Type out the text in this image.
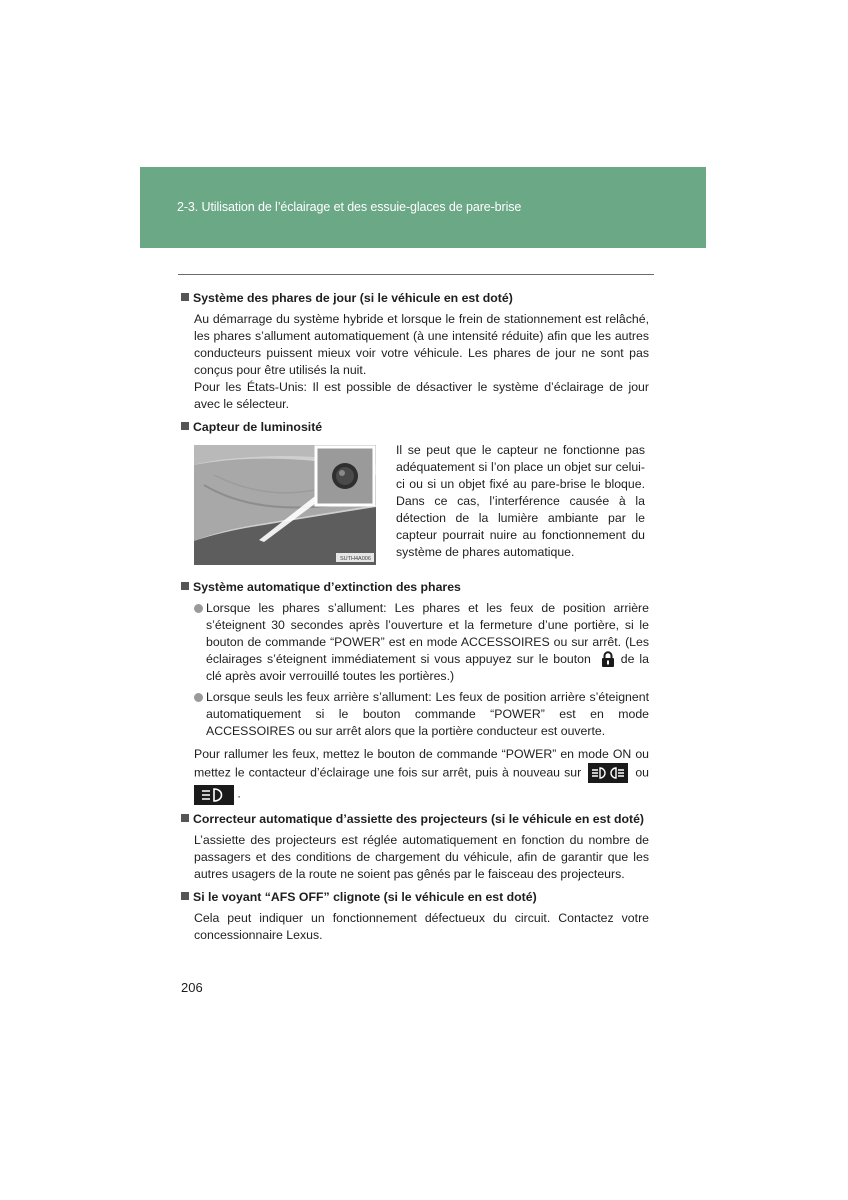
2-3. Utilisation de l’éclairage et des essuie-glaces de pare-brise
Système des phares de jour (si le véhicule en est doté)
Au démarrage du système hybride et lorsque le frein de stationnement est relâché, les phares s’allument automatiquement (à une intensité réduite) afin que les autres conducteurs puissent mieux voir votre véhicule. Les phares de jour ne sont pas conçus pour être utilisés la nuit.
Pour les États-Unis: Il est possible de désactiver le système d’éclairage de jour avec le sélecteur.
Capteur de luminosité
SUTH4A006
Il se peut que le capteur ne fonctionne pas adéquatement si l’on place un objet sur celui-ci ou si un objet fixé au pare-brise le bloque. Dans ce cas, l’interférence causée à la détection de la lumière ambiante par le capteur pourrait nuire au fonctionnement du système de phares automatique.
Système automatique d’extinction des phares
Lorsque les phares s’allument: Les phares et les feux de position arrière s’éteignent 30 secondes après l’ouverture et la fermeture d’une portière, si le bouton de commande “POWER” est en mode ACCESSOIRES ou sur arrêt. (Les éclairages s’éteignent immédiatement si vous appuyez sur le bouton de la clé après avoir verrouillé toutes les portières.)
Lorsque seuls les feux arrière s’allument: Les feux de position arrière s’éteignent automatiquement si le bouton commande “POWER” est en mode ACCESSOIRES ou sur arrêt alors que la portière conducteur est ouverte.
Pour rallumer les feux, mettez le bouton de commande “POWER” en mode ON ou mettez le contacteur d’éclairage une fois sur arrêt, puis à nouveau sur	ou
.
Correcteur automatique d’assiette des projecteurs (si le véhicule en est doté)
L’assiette des projecteurs est réglée automatiquement en fonction du nombre de passagers et des conditions de chargement du véhicule, afin de garantir que les autres usagers de la route ne soient pas gênés par le faisceau des projecteurs.
Si le voyant “AFS OFF” clignote (si le véhicule en est doté)
Cela peut indiquer un fonctionnement défectueux du circuit. Contactez votre concessionnaire Lexus.
206
